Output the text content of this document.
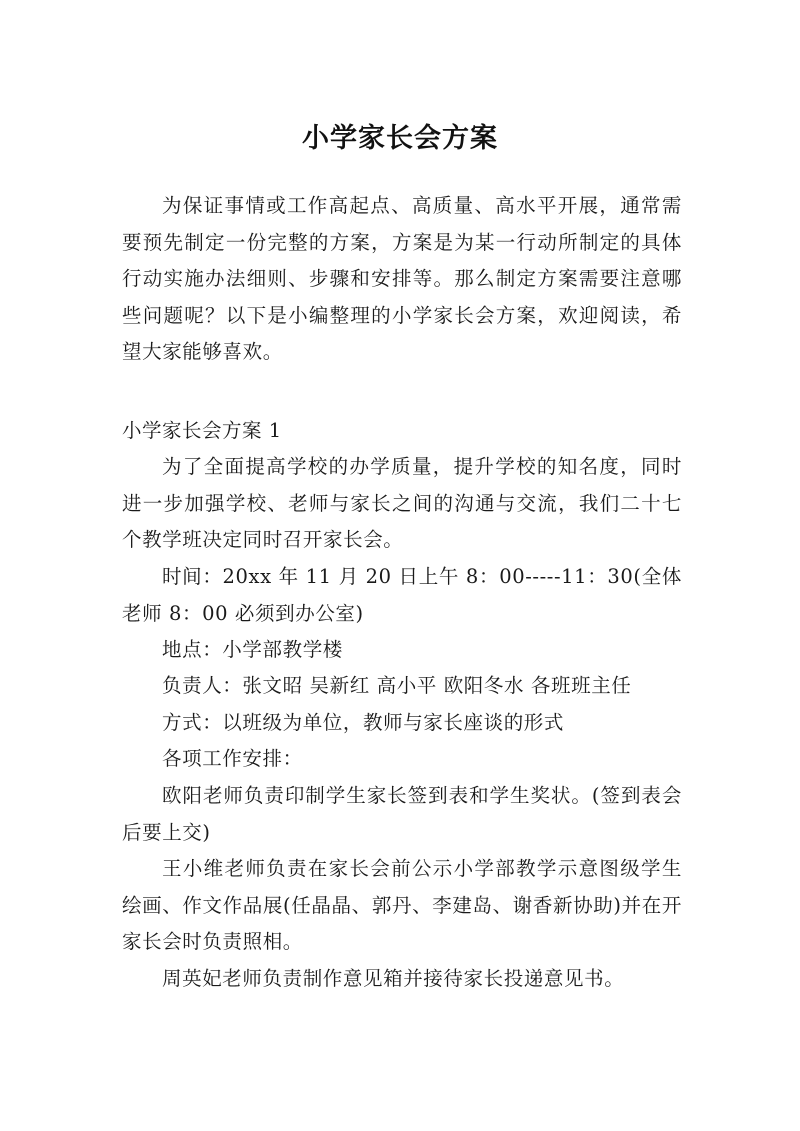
小学家长会方案

为保证事情或工作高起点、高质量、高水平开展，通常需要预先制定一份完整的方案，方案是为某一行动所制定的具体行动实施办法细则、步骤和安排等。那么制定方案需要注意哪些问题呢？以下是小编整理的小学家长会方案，欢迎阅读，希望大家能够喜欢。

小学家长会方案 1

为了全面提高学校的办学质量，提升学校的知名度，同时进一步加强学校、老师与家长之间的沟通与交流，我们二十七个教学班决定同时召开家长会。

时间：20xx 年 11 月 20 日上午 8：00-----11：30(全体老师 8：00 必须到办公室)

地点：小学部教学楼

负责人：张文昭 吴新红 高小平 欧阳冬水 各班班主任

方式：以班级为单位，教师与家长座谈的形式

各项工作安排：

欧阳老师负责印制学生家长签到表和学生奖状。(签到表会后要上交)

王小维老师负责在家长会前公示小学部教学示意图级学生绘画、作文作品展(任晶晶、郭丹、李建岛、谢香新协助)并在开家长会时负责照相。

周英妃老师负责制作意见箱并接待家长投递意见书。
